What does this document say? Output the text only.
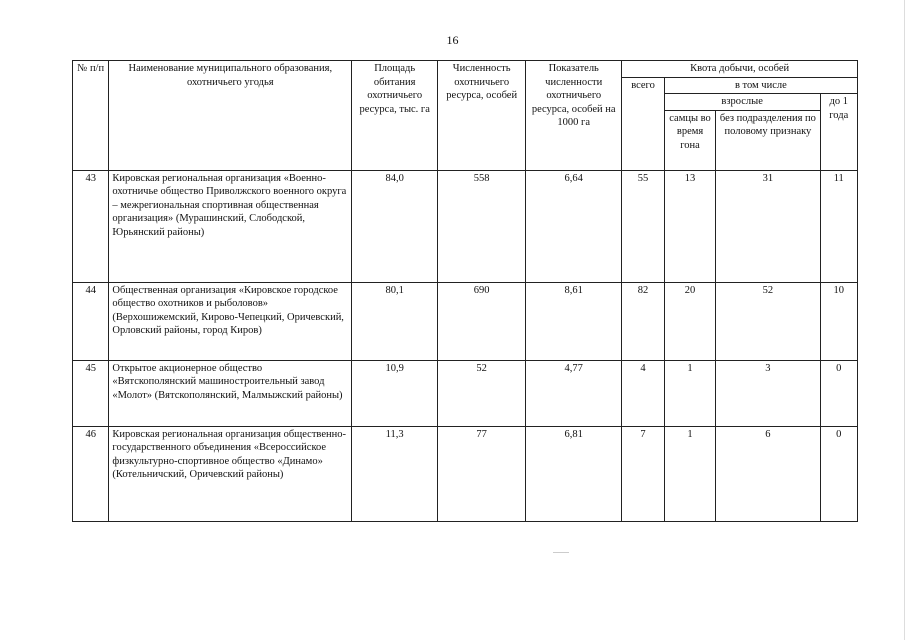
16
№ п/п	Наименование муниципального образования, охотничьего угодья	Площадь обитания охотничьего ресурса, тыс. га	Численность охотничьего ресурса, особей	Показатель численности охотничьего ресурса, особей на 1000 га	Квота добычи, особей			
					всего	в том числе		
						взрослые		до 1 года
						самцы во время гона	без подразделения по половому признаку	
43	Кировская региональная организация «Военно-охотничье общество Приволжского военного округа – межрегиональная спортивная общественная организация» (Мурашинский, Слободской, Юрьянский районы)	84,0	558	6,64	55	13	31	11
44	Общественная организация «Кировское городское общество охотников и рыболовов» (Верхошижемский, Кирово-Чепецкий, Оричевский, Орловский районы, город Киров)	80,1	690	8,61	82	20	52	10
45	Открытое акционерное общество «Вятскополянский машиностроительный завод «Молот» (Вятскополянский, Малмыжский районы)	10,9	52	4,77	4	1	3	0
46	Кировская региональная организация общественно-государственного объединения «Всероссийское физкультурно-спортивное общество «Динамо» (Котельничский, Оричевский районы)	11,3	77	6,81	7	1	6	0
